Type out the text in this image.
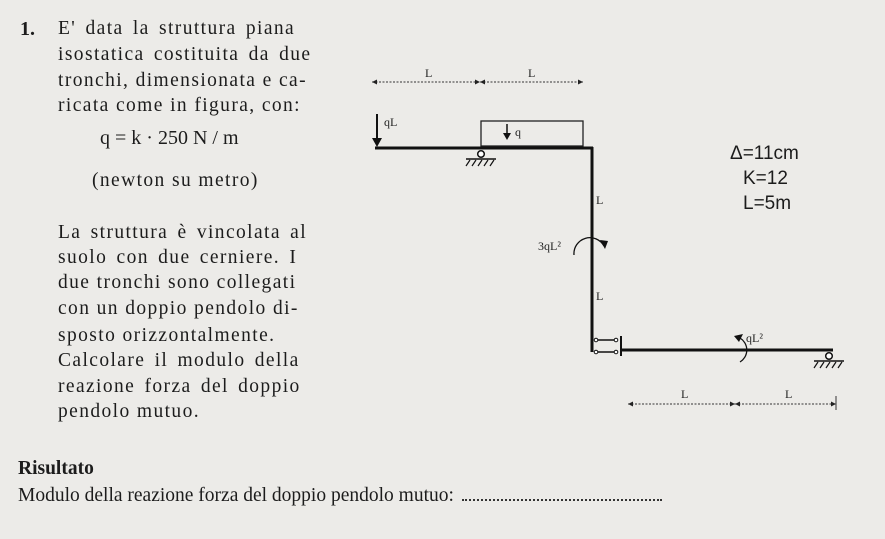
1. E' data la struttura piana
isostatica costituita da due
tronchi, dimensionata e ca-
ricata come in figura, con:
q = k · 250 N / m
(newton su metro)
La struttura è vincolata al
suolo con due cerniere. I
due tronchi sono collegati
con un doppio pendolo di-
sposto orizzontalmente.
Calcolare il modulo della
reazione forza del doppio
pendolo mutuo.
Δ=11cm
K=12
L=5m
L	L
qL
q
L
L
3qL²
qL²
L	L
Risultato
Modulo della reazione forza del doppio pendolo mutuo:
